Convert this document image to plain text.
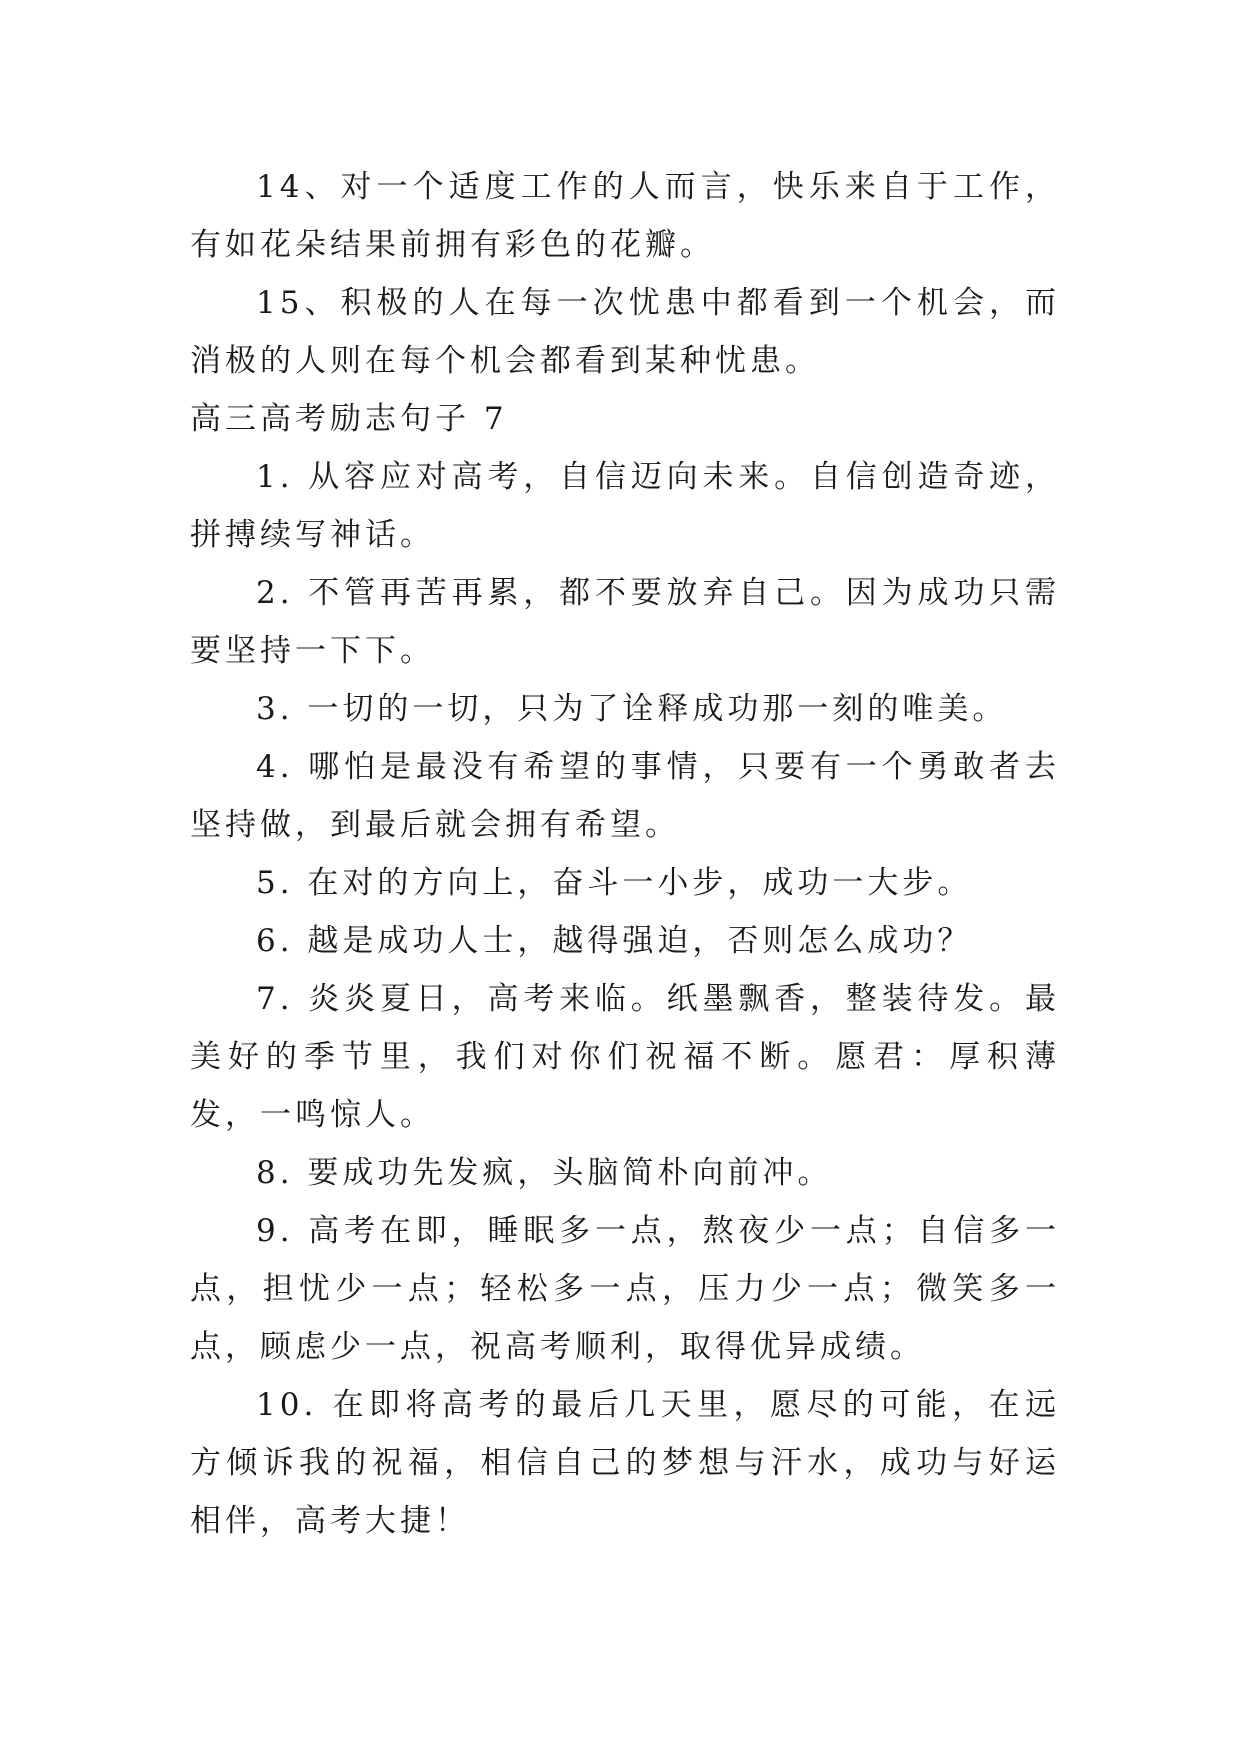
14、对一个适度工作的人而言，快乐来自于工作，有如花朵结果前拥有彩色的花瓣。

15、积极的人在每一次忧患中都看到一个机会，而消极的人则在每个机会都看到某种忧患。

高三高考励志句子 7

1. 从容应对高考，自信迈向未来。自信创造奇迹，拼搏续写神话。

2. 不管再苦再累，都不要放弃自己。因为成功只需要坚持一下下。

3. 一切的一切，只为了诠释成功那一刻的唯美。

4. 哪怕是最没有希望的事情，只要有一个勇敢者去坚持做，到最后就会拥有希望。

5. 在对的方向上，奋斗一小步，成功一大步。

6. 越是成功人士，越得强迫，否则怎么成功？

7. 炎炎夏日，高考来临。纸墨飘香，整装待发。最美好的季节里，我们对你们祝福不断。愿君：厚积薄发，一鸣惊人。

8. 要成功先发疯，头脑简朴向前冲。

9. 高考在即，睡眠多一点，熬夜少一点；自信多一点，担忧少一点；轻松多一点，压力少一点；微笑多一点，顾虑少一点，祝高考顺利，取得优异成绩。

10. 在即将高考的最后几天里，愿尽的可能，在远方倾诉我的祝福，相信自己的梦想与汗水，成功与好运相伴，高考大捷！
